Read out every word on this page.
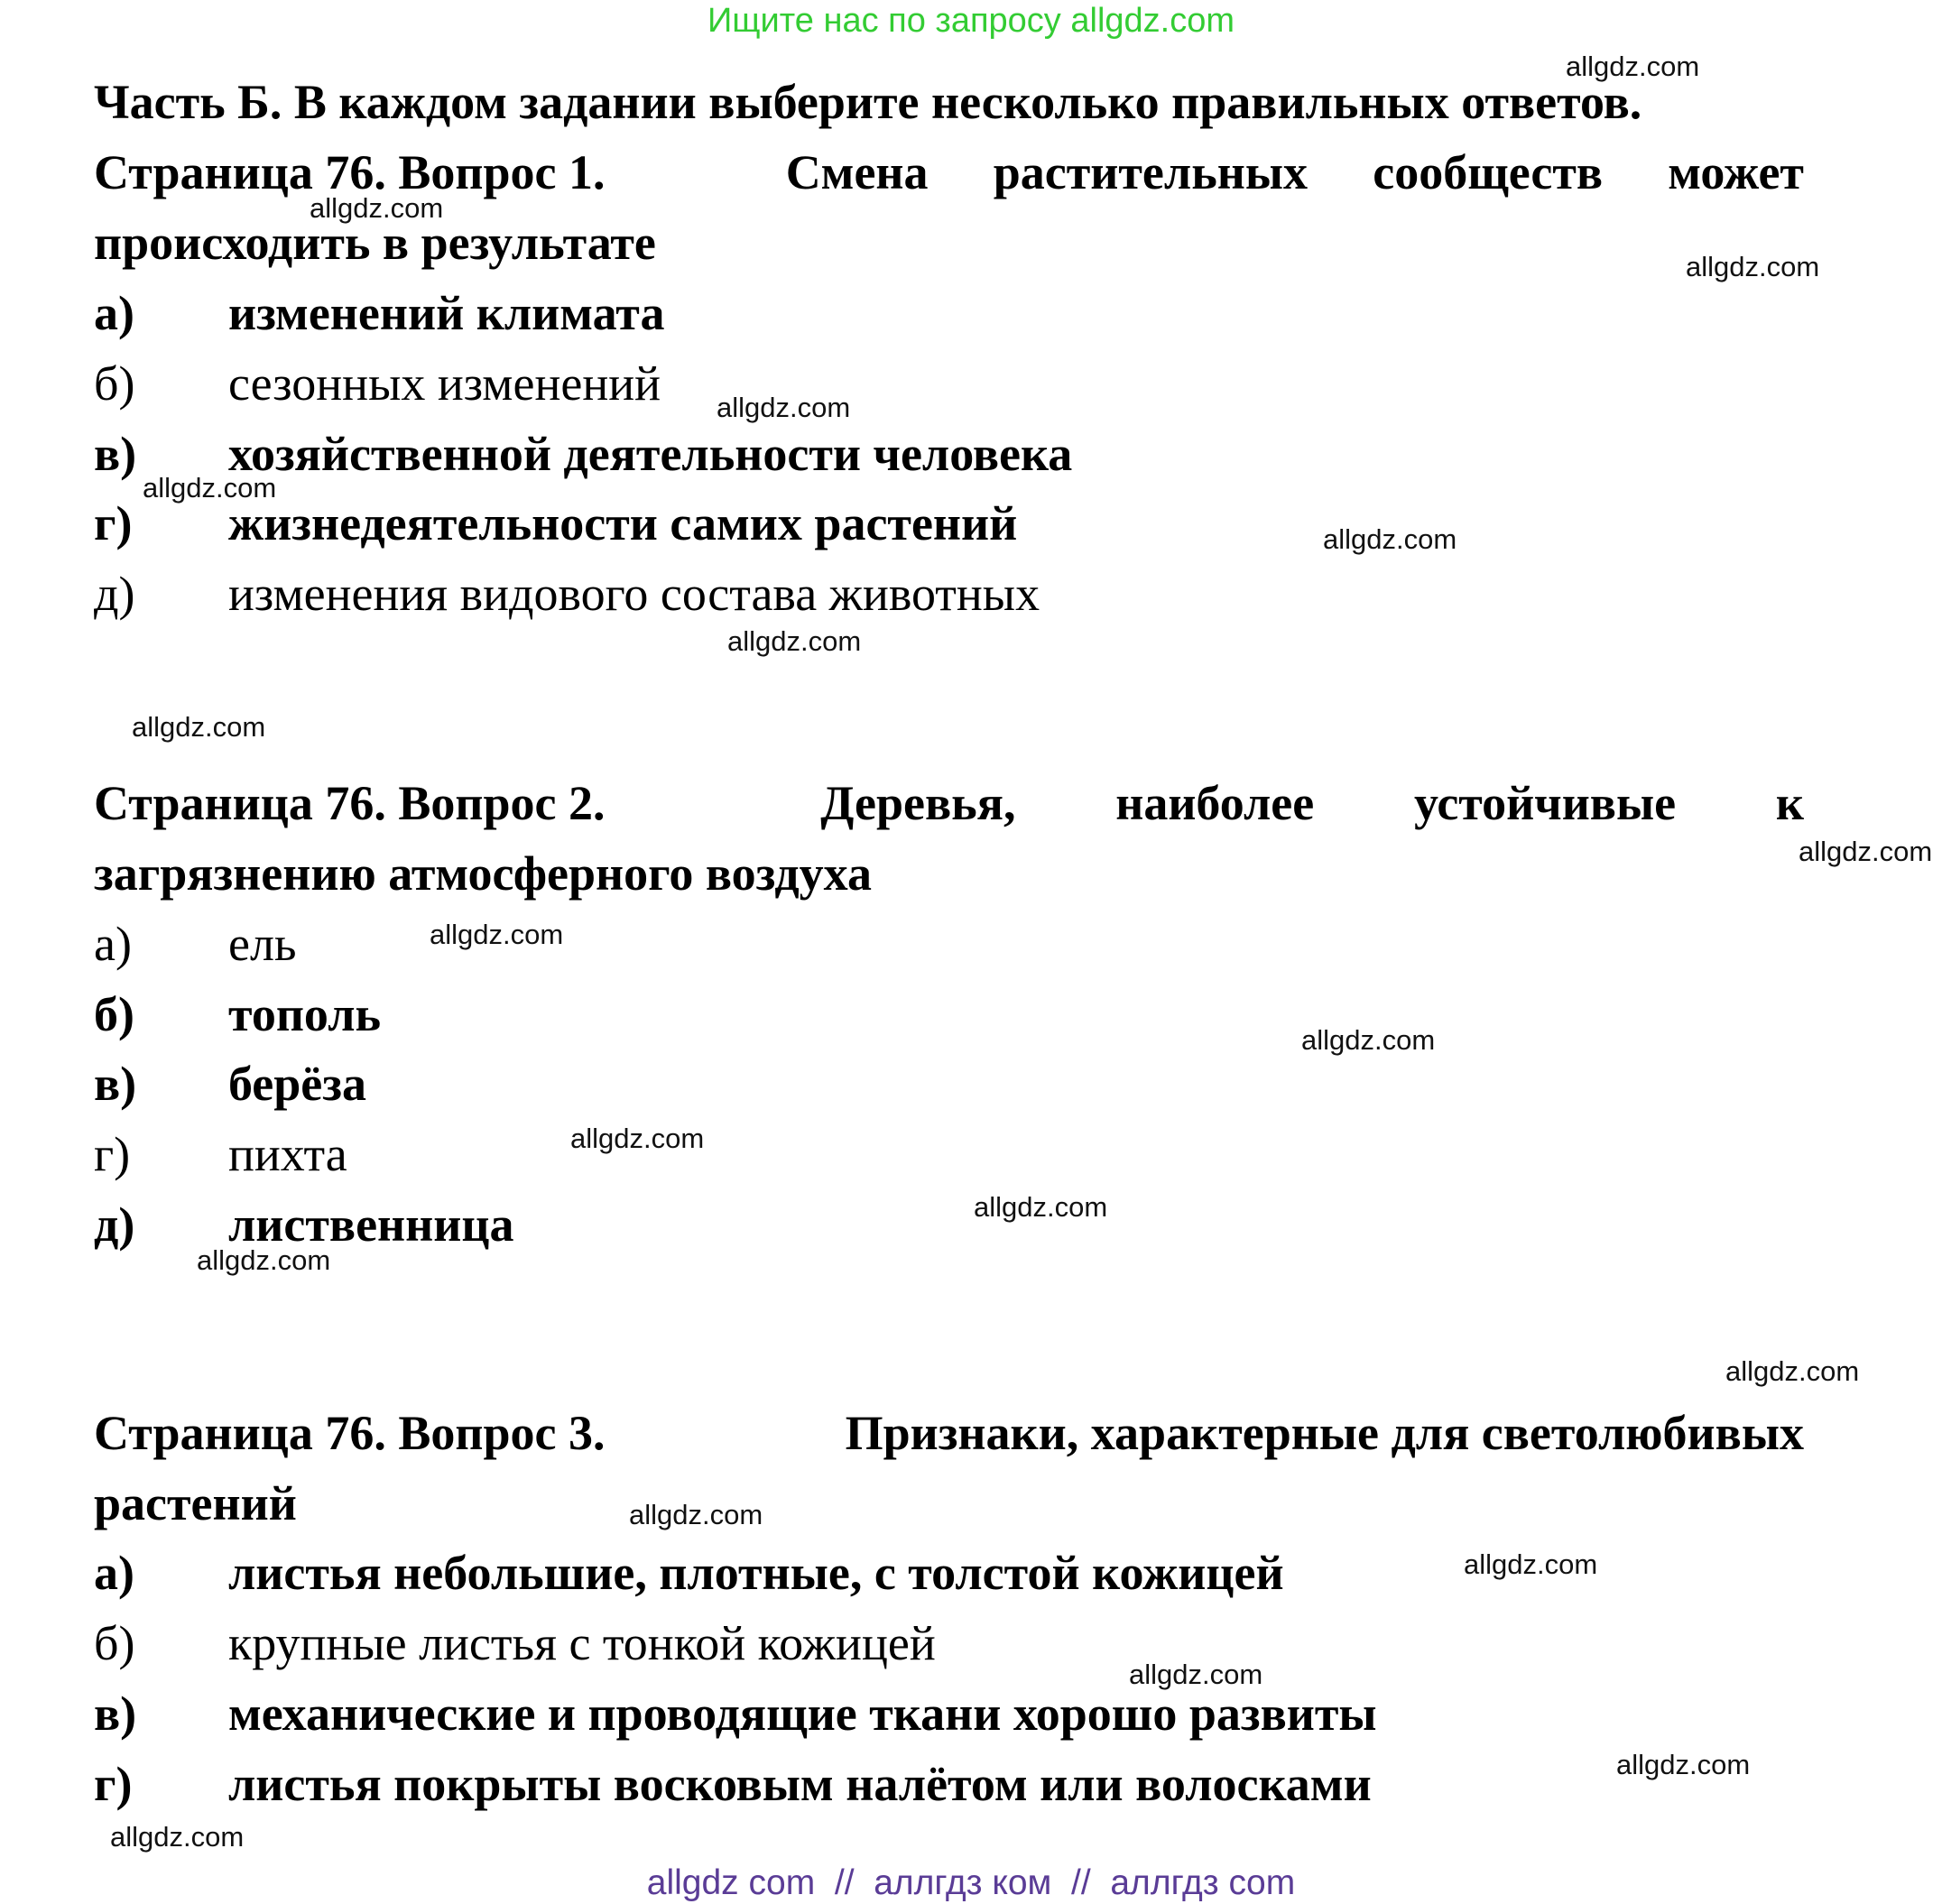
Ищите нас по запросу allgdz.com
Часть Б. В каждом задании выберите несколько правильных ответов.
Страница 76. Вопрос 1.	Смена растительных сообществ может
происходить в результате
а) изменений климата
б) сезонных изменений
в) хозяйственной деятельности человека
г) жизнедеятельности самих растений
д) изменения видового состава животных
Страница 76. Вопрос 2.	Деревья, наиболее устойчивые к
загрязнению атмосферного воздуха
а) ель
б) тополь
в) берёза
г) пихта
д) лиственница
Страница 76. Вопрос 3.	Признаки, характерные для светолюбивых
растений
а) листья небольшие, плотные, с толстой кожицей
б) крупные листья с тонкой кожицей
в) механические и проводящие ткани хорошо развиты
г) листья покрыты восковым налётом или волосками
allgdz.com
allgdz.com
allgdz.com
allgdz.com
allgdz.com
allgdz.com
allgdz.com
allgdz.com
allgdz.com
allgdz.com
allgdz.com
allgdz.com
allgdz.com
allgdz.com
allgdz.com
allgdz.com
allgdz.com
allgdz.com
allgdz.com
allgdz.com
allgdz com  //  аллгдз ком  //  аллгдз com
